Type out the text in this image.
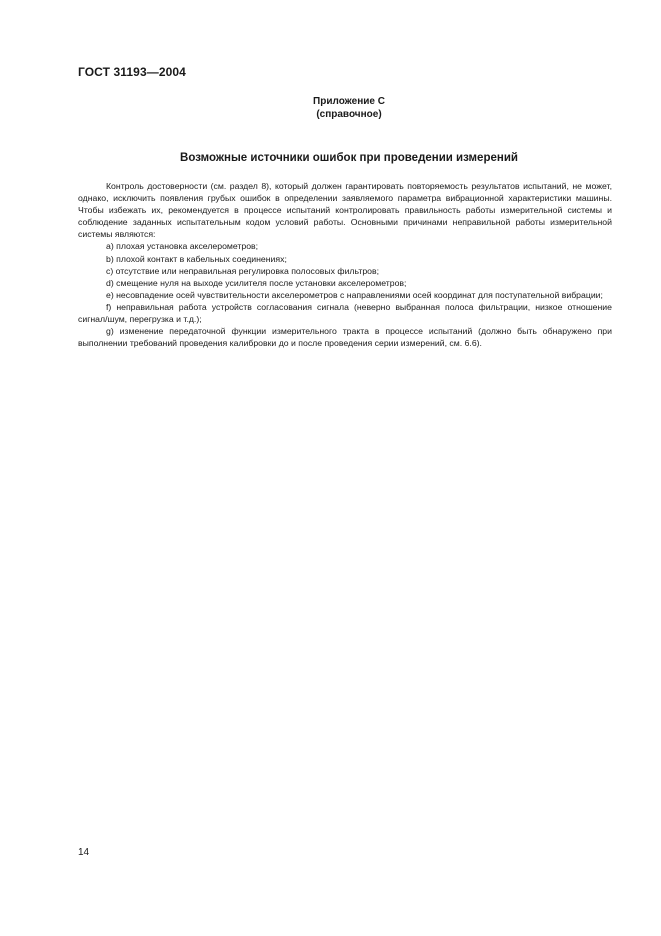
ГОСТ 31193—2004
Приложение С
(справочное)
Возможные источники ошибок при проведении измерений

Контроль достоверности (см. раздел 8), который должен гарантировать повторяемость результатов испытаний, не может, однако, исключить появления грубых ошибок в определении заявляемого параметра вибрационной характеристики машины. Чтобы избежать их, рекомендуется в процессе испытаний контролировать правильность работы измерительной системы и соблюдение заданных испытательным кодом условий работы. Основными причинами неправильной работы измерительной системы являются:

a) плохая установка акселерометров;

b) плохой контакт в кабельных соединениях;

c) отсутствие или неправильная регулировка полосовых фильтров;

d) смещение нуля на выходе усилителя после установки акселерометров;

e) несовпадение осей чувствительности акселерометров с направлениями осей координат для поступательной вибрации;

f) неправильная работа устройств согласования сигнала (неверно выбранная полоса фильтрации, низкое отношение сигнал/шум, перегрузка и т.д.);

g) изменение передаточной функции измерительного тракта в процессе испытаний (должно быть обнаружено при выполнении требований проведения калибровки до и после проведения серии измерений, см. 6.6).

14
